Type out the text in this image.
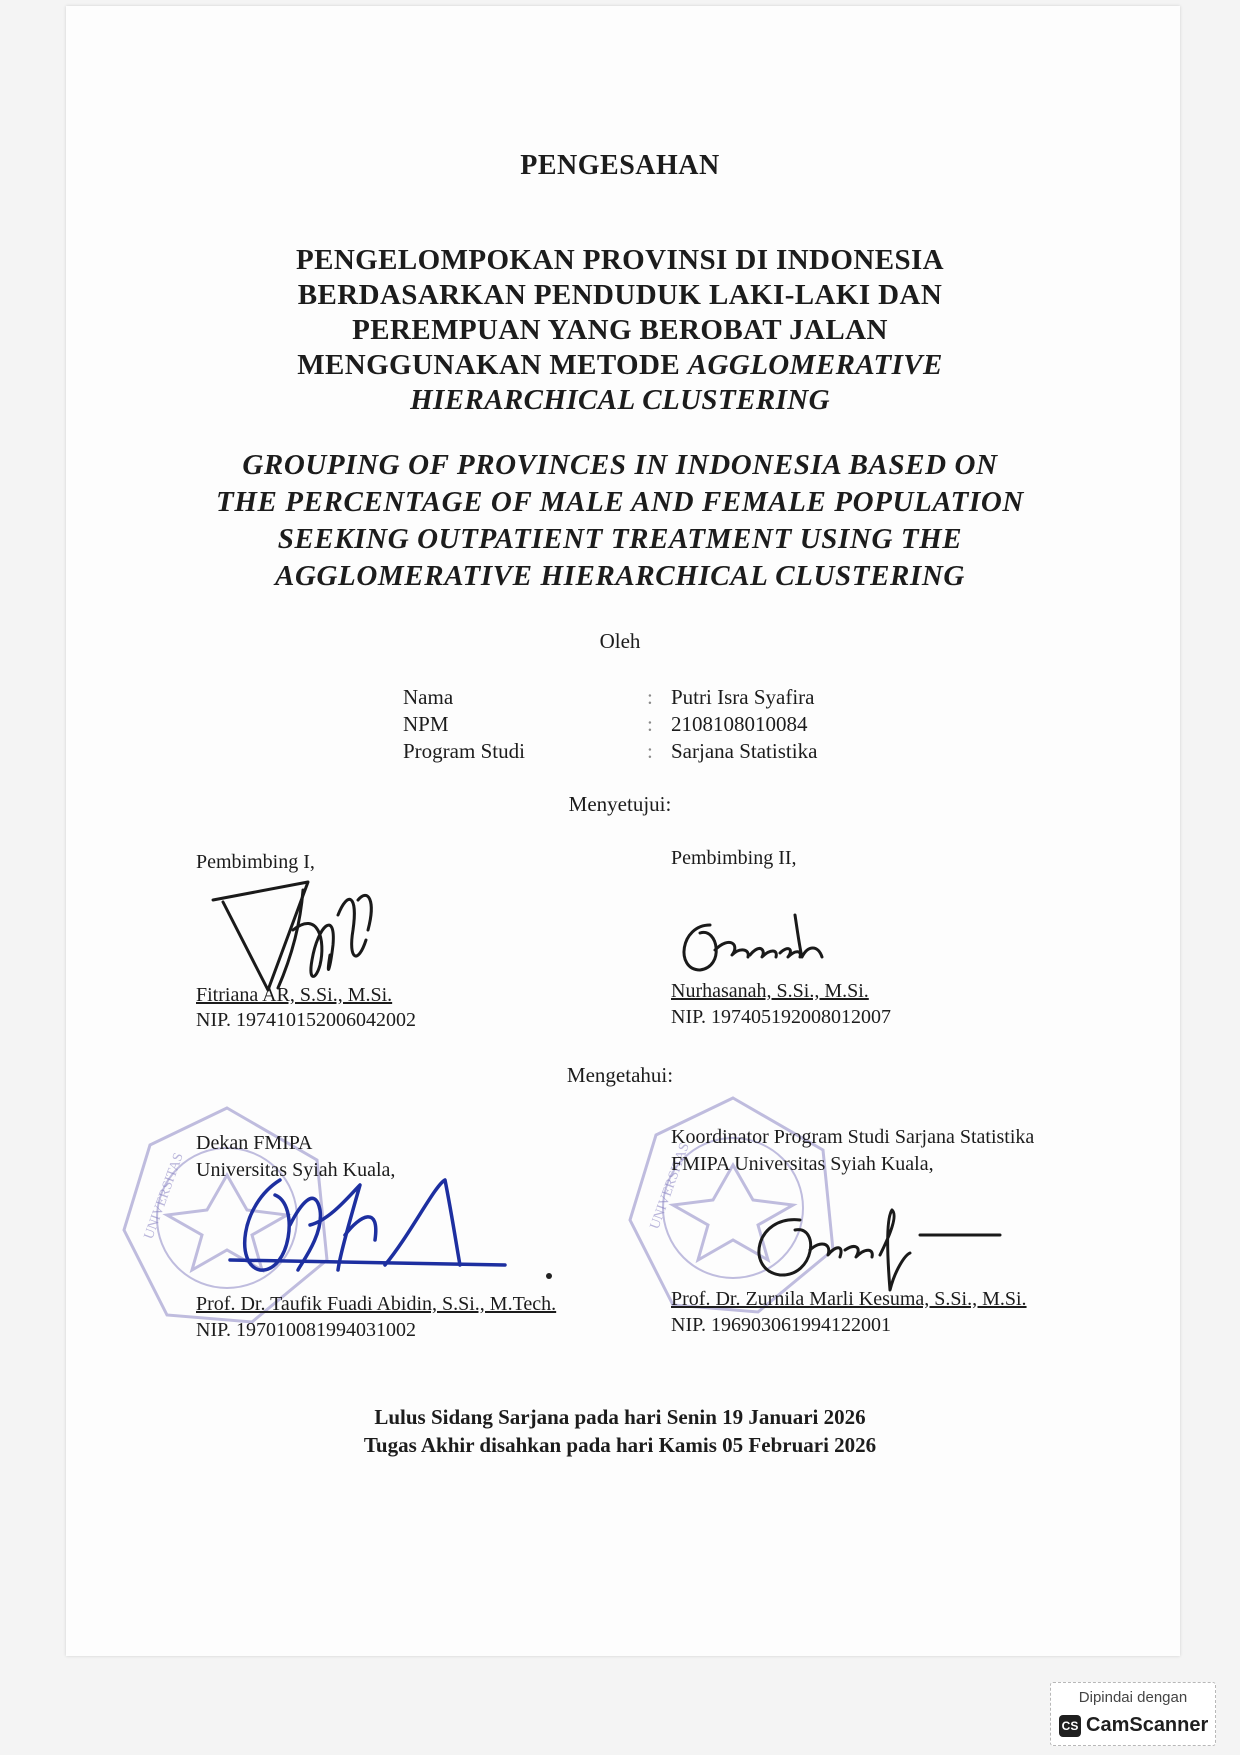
PENGESAHAN
PENGELOMPOKAN PROVINSI DI INDONESIA
BERDASARKAN PENDUDUK LAKI-LAKI DAN
PEREMPUAN YANG BEROBAT JALAN
MENGGUNAKAN METODE AGGLOMERATIVE
HIERARCHICAL CLUSTERING
GROUPING OF PROVINCES IN INDONESIA BASED ON
THE PERCENTAGE OF MALE AND FEMALE POPULATION
SEEKING OUTPATIENT TREATMENT USING THE
AGGLOMERATIVE HIERARCHICAL CLUSTERING
Oleh
Nama
NPM
Program Studi
:
:
:
Putri Isra Syafira
2108108010084
Sarjana Statistika
Menyetujui:
Pembimbing I,
Fitriana AR, S.Si., M.Si.
NIP. 197410152006042002
Pembimbing II,
Nurhasanah, S.Si., M.Si.
NIP. 197405192008012007
Mengetahui:
UNIVERSITAS	UNIVERSITAS
Dekan FMIPA
Universitas Syiah Kuala,
Prof. Dr. Taufik Fuadi Abidin, S.Si., M.Tech.
NIP. 197010081994031002
Koordinator Program Studi Sarjana Statistika
FMIPA Universitas Syiah Kuala,
Prof. Dr. Zurnila Marli Kesuma, S.Si., M.Si.
NIP. 196903061994122001
Lulus Sidang Sarjana pada hari Senin 19 Januari 2026
Tugas Akhir disahkan pada hari Kamis 05 Februari 2026
Dipindai dengan
CS CamScanner
